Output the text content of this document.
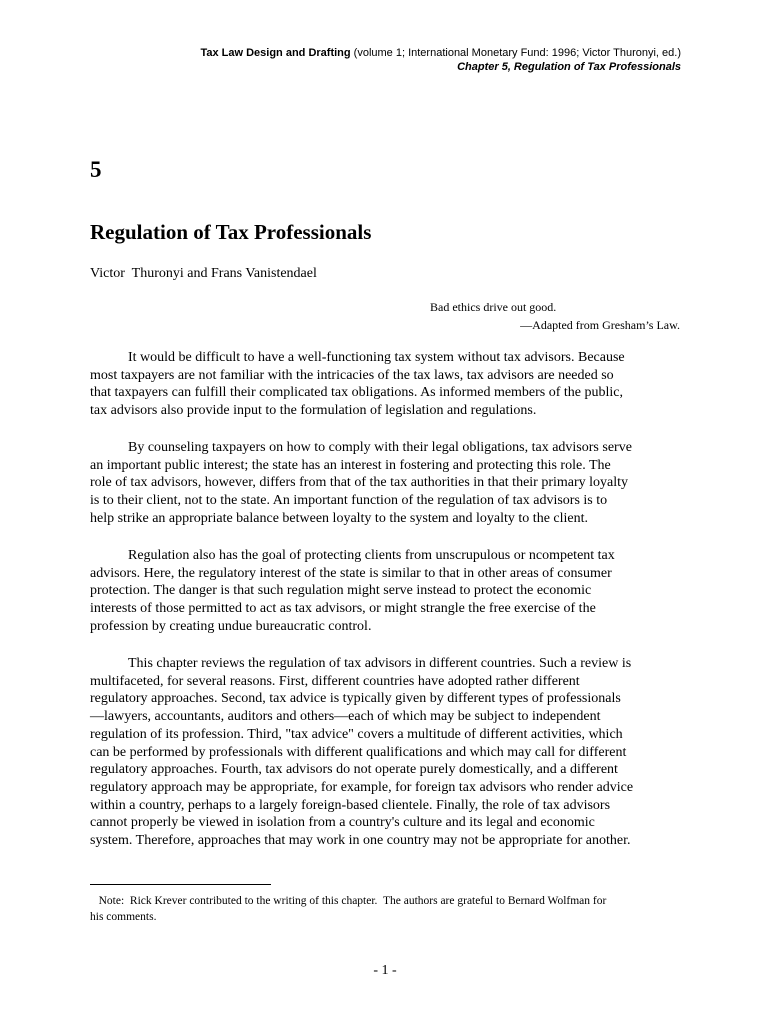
Tax Law Design and Drafting (volume 1; International Monetary Fund: 1996; Victor Thuronyi, ed.)
Chapter 5, Regulation of Tax Professionals
5
Regulation of Tax Professionals
Victor  Thuronyi and Frans Vanistendael
Bad ethics drive out good.
—Adapted from Gresham’s Law.
It would be difficult to have a well-functioning tax system without tax advisors. Because
most taxpayers are not familiar with the intricacies of the tax laws, tax advisors are needed so
that taxpayers can fulfill their complicated tax obligations. As informed members of the public,
tax advisors also provide input to the formulation of legislation and regulations.
By counseling taxpayers on how to comply with their legal obligations, tax advisors serve
an important public interest; the state has an interest in fostering and protecting this role. The
role of tax advisors, however, differs from that of the tax authorities in that their primary loyalty
is to their client, not to the state. An important function of the regulation of tax advisors is to
help strike an appropriate balance between loyalty to the system and loyalty to the client.
Regulation also has the goal of protecting clients from unscrupulous or ncompetent tax
advisors. Here, the regulatory interest of the state is similar to that in other areas of consumer
protection. The danger is that such regulation might serve instead to protect the economic
interests of those permitted to act as tax advisors, or might strangle the free exercise of the
profession by creating undue bureaucratic control.
This chapter reviews the regulation of tax advisors in different countries. Such a review is
multifaceted, for several reasons. First, different countries have adopted rather different
regulatory approaches. Second, tax advice is typically given by different types of professionals
—lawyers, accountants, auditors and others—each of which may be subject to independent
regulation of its profession. Third, "tax advice" covers a multitude of different activities, which
can be performed by professionals with different qualifications and which may call for different
regulatory approaches. Fourth, tax advisors do not operate purely domestically, and a different
regulatory approach may be appropriate, for example, for foreign tax advisors who render advice
within a country, perhaps to a largely foreign-based clientele. Finally, the role of tax advisors
cannot properly be viewed in isolation from a country's culture and its legal and economic
system. Therefore, approaches that may work in one country may not be appropriate for another.
Note:  Rick Krever contributed to the writing of this chapter.  The authors are grateful to Bernard Wolfman for
his comments.
- 1 -
